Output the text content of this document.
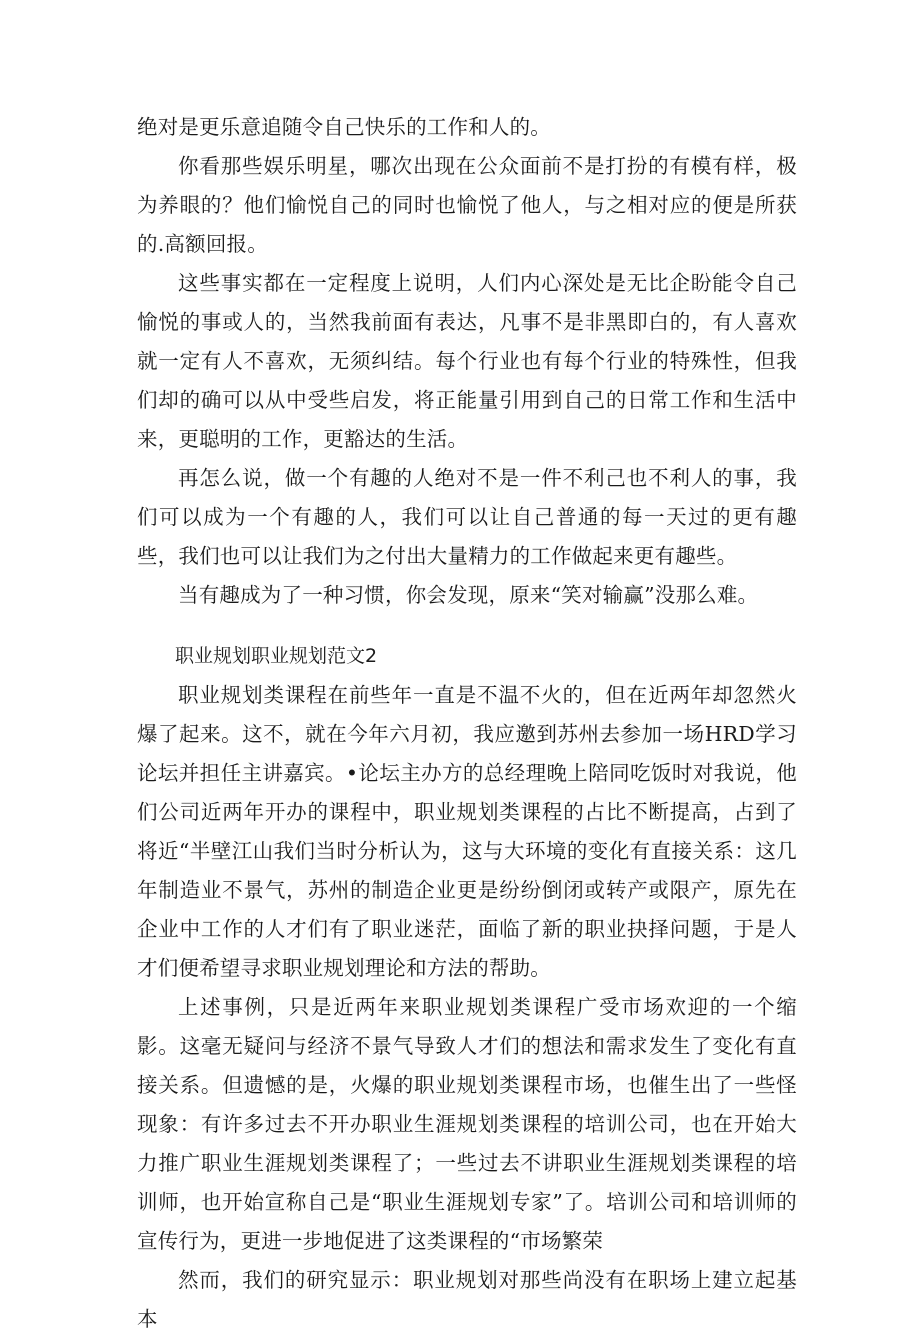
绝对是更乐意追随令自己快乐的工作和人的。

你看那些娱乐明星，哪次出现在公众面前不是打扮的有模有样，极为养眼的？他们愉悦自己的同时也愉悦了他人，与之相对应的便是所获的.高额回报。

这些事实都在一定程度上说明，人们内心深处是无比企盼能令自己愉悦的事或人的，当然我前面有表达，凡事不是非黑即白的，有人喜欢就一定有人不喜欢，无须纠结。每个行业也有每个行业的特殊性，但我们却的确可以从中受些启发，将正能量引用到自己的日常工作和生活中来，更聪明的工作，更豁达的生活。

再怎么说，做一个有趣的人绝对不是一件不利己也不利人的事，我们可以成为一个有趣的人，我们可以让自己普通的每一天过的更有趣些，我们也可以让我们为之付出大量精力的工作做起来更有趣些。

当有趣成为了一种习惯，你会发现，原来“笑对输赢”没那么难。

职业规划职业规划范文2

职业规划类课程在前些年一直是不温不火的，但在近两年却忽然火爆了起来。这不，就在今年六月初，我应邀到苏州去参加一场HRD学习论坛并担任主讲嘉宾。•论坛主办方的总经理晚上陪同吃饭时对我说，他们公司近两年开办的课程中，职业规划类课程的占比不断提高，占到了将近“半壁江山我们当时分析认为，这与大环境的变化有直接关系：这几年制造业不景气，苏州的制造企业更是纷纷倒闭或转产或限产，原先在企业中工作的人才们有了职业迷茫，面临了新的职业抉择问题，于是人才们便希望寻求职业规划理论和方法的帮助。

上述事例，只是近两年来职业规划类课程广受市场欢迎的一个缩影。这毫无疑问与经济不景气导致人才们的想法和需求发生了变化有直接关系。但遗憾的是，火爆的职业规划类课程市场，也催生出了一些怪现象：有许多过去不开办职业生涯规划类课程的培训公司，也在开始大力推广职业生涯规划类课程了；一些过去不讲职业生涯规划类课程的培训师，也开始宣称自己是“职业生涯规划专家”了。培训公司和培训师的宣传行为，更进一步地促进了这类课程的“市场繁荣

然而，我们的研究显示：职业规划对那些尚没有在职场上建立起基本
